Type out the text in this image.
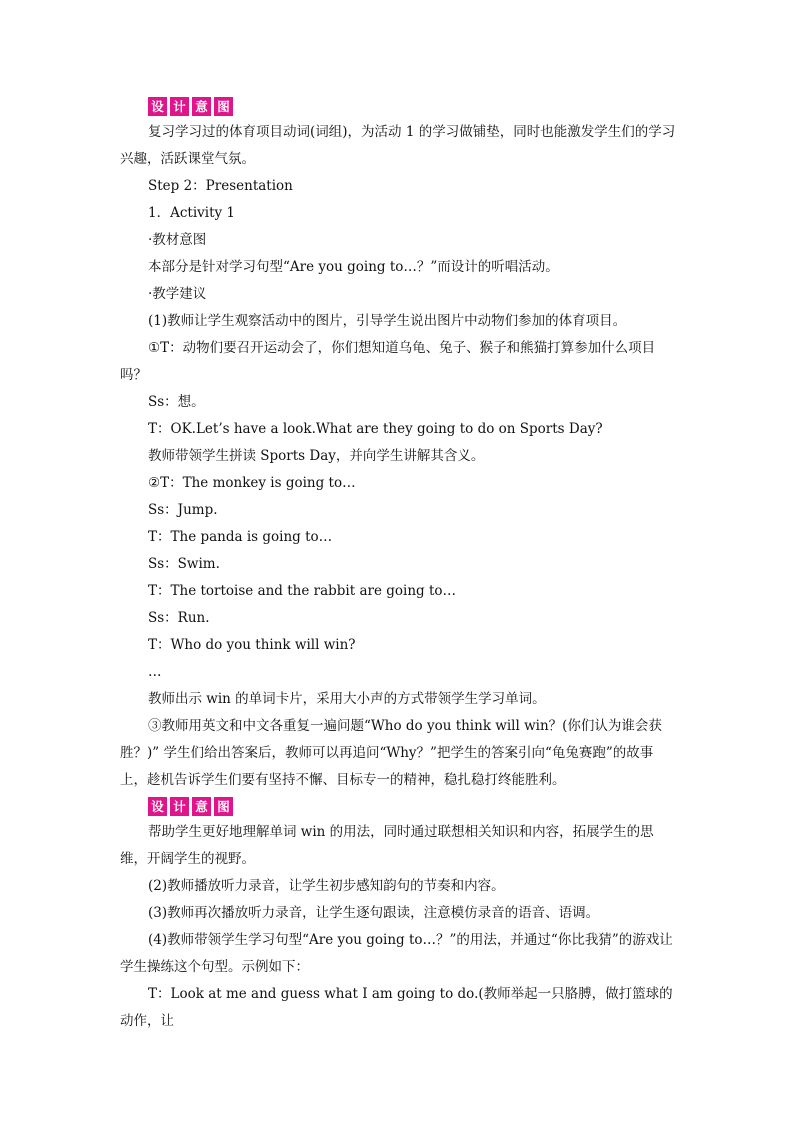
设 计 意 图

复习学习过的体育项目动词(词组)，为活动 1 的学习做铺垫，同时也能激发学生们的学习兴趣，活跃课堂气氛。

Step 2：Presentation

1．Activity 1

·教材意图

本部分是针对学习句型“Are you going to…？”而设计的听唱活动。

·教学建议

(1)教师让学生观察活动中的图片，引导学生说出图片中动物们参加的体育项目。

①T：动物们要召开运动会了，你们想知道乌龟、兔子、猴子和熊猫打算参加什么项目吗？

Ss：想。

T：OK.Let’s have a look.What are they going to do on Sports Day?

教师带领学生拼读 Sports Day，并向学生讲解其含义。

②T：The monkey is going to…

Ss：Jump.

T：The panda is going to…

Ss：Swim.

T：The tortoise and the rabbit are going to…

Ss：Run.

T：Who do you think will win?

…

教师出示 win 的单词卡片，采用大小声的方式带领学生学习单词。

③教师用英文和中文各重复一遍问题“Who do you think will win？(你们认为谁会获胜？)” 学生们给出答案后，教师可以再追问“Why？”把学生的答案引向“龟兔赛跑”的故事上，趁机告诉学生们要有坚持不懈、目标专一的精神，稳扎稳打终能胜利。

设 计 意 图

帮助学生更好地理解单词 win 的用法，同时通过联想相关知识和内容，拓展学生的思维，开阔学生的视野。

(2)教师播放听力录音，让学生初步感知韵句的节奏和内容。

(3)教师再次播放听力录音，让学生逐句跟读，注意模仿录音的语音、语调。

(4)教师带领学生学习句型“Are you going to…？”的用法，并通过“你比我猜”的游戏让学生操练这个句型。示例如下：

T：Look at me and guess what I am going to do.(教师举起一只胳膊，做打篮球的动作，让
